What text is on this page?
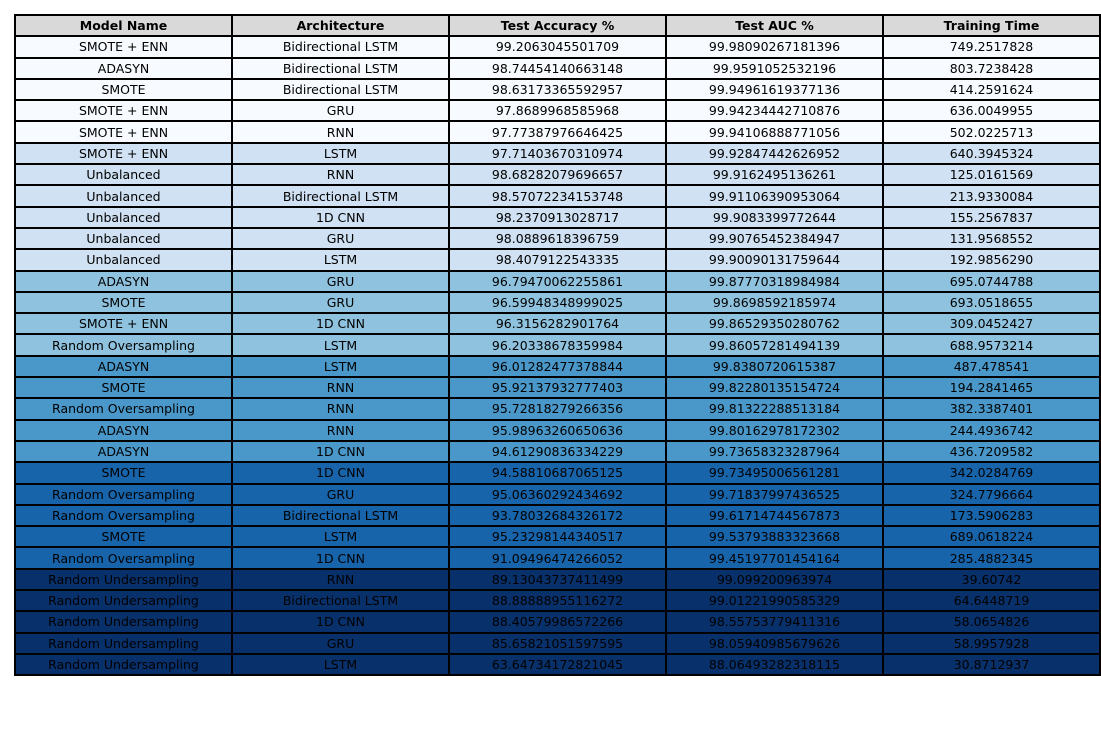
Model Name	Architecture	Test Accuracy %	Test AUC %	Training Time
SMOTE + ENN	Bidirectional LSTM	99.2063045501709	99.98090267181396	749.2517828
ADASYN	Bidirectional LSTM	98.74454140663148	99.9591052532196	803.7238428
SMOTE	Bidirectional LSTM	98.63173365592957	99.94961619377136	414.2591624
SMOTE + ENN	GRU	97.8689968585968	99.94234442710876	636.0049955
SMOTE + ENN	RNN	97.77387976646425	99.94106888771056	502.0225713
SMOTE + ENN	LSTM	97.71403670310974	99.92847442626952	640.3945324
Unbalanced	RNN	98.68282079696657	99.9162495136261	125.0161569
Unbalanced	Bidirectional LSTM	98.57072234153748	99.91106390953064	213.9330084
Unbalanced	1D CNN	98.2370913028717	99.9083399772644	155.2567837
Unbalanced	GRU	98.0889618396759	99.90765452384947	131.9568552
Unbalanced	LSTM	98.4079122543335	99.90090131759644	192.9856290
ADASYN	GRU	96.79470062255861	99.87770318984984	695.0744788
SMOTE	GRU	96.59948348999025	99.8698592185974	693.0518655
SMOTE + ENN	1D CNN	96.3156282901764	99.86529350280762	309.0452427
Random Oversampling	LSTM	96.20338678359984	99.86057281494139	688.9573214
ADASYN	LSTM	96.01282477378844	99.8380720615387	487.478541
SMOTE	RNN	95.92137932777403	99.82280135154724	194.2841465
Random Oversampling	RNN	95.72818279266356	99.81322288513184	382.3387401
ADASYN	RNN	95.98963260650636	99.80162978172302	244.4936742
ADASYN	1D CNN	94.61290836334229	99.73658323287964	436.7209582
SMOTE	1D CNN	94.58810687065125	99.73495006561281	342.0284769
Random Oversampling	GRU	95.06360292434692	99.71837997436525	324.7796664
Random Oversampling	Bidirectional LSTM	93.78032684326172	99.61714744567873	173.5906283
SMOTE	LSTM	95.23298144340517	99.53793883323668	689.0618224
Random Oversampling	1D CNN	91.09496474266052	99.45197701454164	285.4882345
Random Undersampling	RNN	89.13043737411499	99.099200963974	39.60742
Random Undersampling	Bidirectional LSTM	88.88888955116272	99.01221990585329	64.6448719
Random Undersampling	1D CNN	88.40579986572266	98.55753779411316	58.0654826
Random Undersampling	GRU	85.65821051597595	98.05940985679626	58.9957928
Random Undersampling	LSTM	63.64734172821045	88.06493282318115	30.8712937
